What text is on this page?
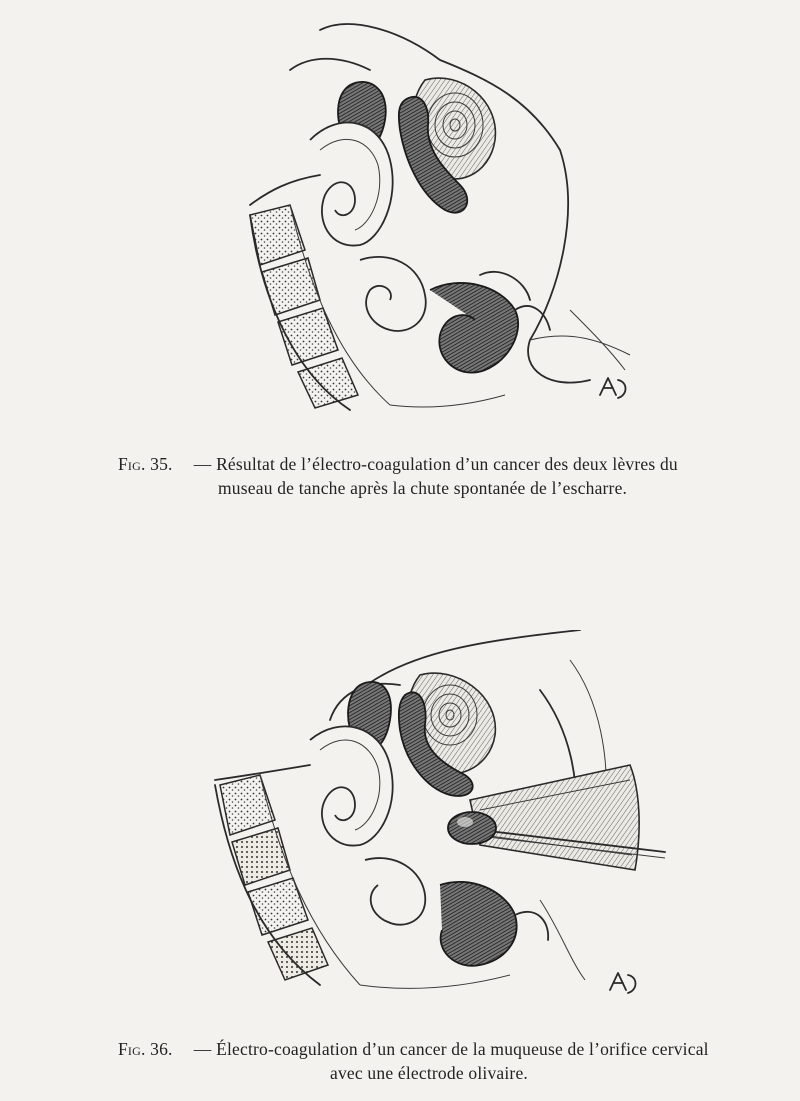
Fig. 35. — Résultat de l’électro-coagulation d’un cancer des deux lèvres du
museau de tanche après la chute spontanée de l’escharre.
Fig. 36. — Électro-coagulation d’un cancer de la muqueuse de l’orifice cervical
avec une électrode olivaire.
